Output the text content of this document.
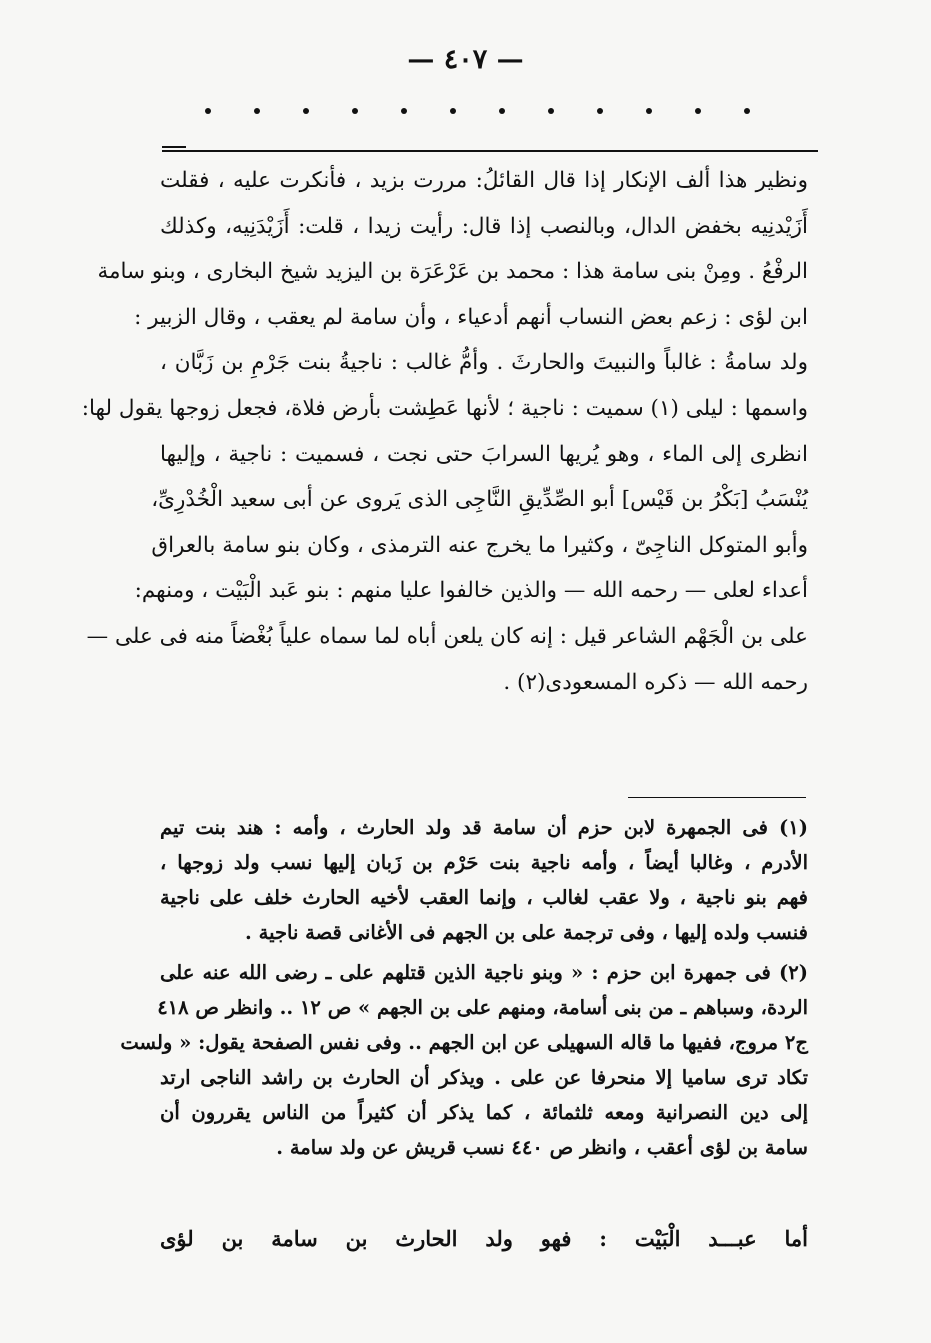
— ٤٠٧ —
ونظير هذا ألف الإنكار إذا قال القائلُ: مررت بزيد ، فأنكرت عليه ، فقلت
أَزَيْدنِيه بخفض الدال، وبالنصب إذا قال: رأيت زيدا ، قلت: أَزَيْدَنِيه، وكذلك
الرفْعُ . ومِنْ بنى سامة هذا : محمد بن عَرْعَرَة بن اليزيد شيخ البخارى ، وبنو سامة
ابن لؤى : زعم بعض النساب أنهم أدعياء ، وأن سامة لم يعقب ، وقال الزبير :
ولد سامةُ : غالباً والنبيتَ والحارثَ . وأمُّ غالب : ناجيةُ بنت جَرْمِ بن زَبَّان ،
واسمها : ليلى (١) سميت : ناجية ؛ لأنها عَطِشت بأرض فلاة، فجعل زوجها يقول لها:
انظرى إلى الماء ، وهو يُريها السرابَ حتى نجت ، فسميت : ناجية ، وإليها
يُنْسَبُ [بَكْرُ بن قَيْس] أبو الصِّدِّيقِ النَّاجِى الذى يَروى عن أبى سعيد الْخُدْرِىِّ،
وأبو المتوكل الناجِىّ ، وكثيرا ما يخرج عنه الترمذى ، وكان بنو سامة بالعراق
أعداء لعلى — رحمه الله — والذين خالفوا عليا منهم : بنو عَبد الْبَيْت ، ومنهم:
على بن الْجَهْم الشاعر قيل : إنه كان يلعن أباه لما سماه علياً بُغْضاً منه فى على —
رحمه الله — ذكره المسعودى(٢) .
(١) فى الجمهرة لابن حزم أن سامة قد ولد الحارث ، وأمه : هند بنت تيم
الأدرم ، وغالبا أيضاً ، وأمه ناجية بنت حَرْم بن زَبان إليها نسب ولد زوجها ،
فهم بنو ناجية ، ولا عقب لغالب ، وإنما العقب لأخيه الحارث خلف على ناجية
فنسب ولده إليها ، وفى ترجمة على بن الجهم فى الأغانى قصة ناجية .
(٢) فى جمهرة ابن حزم : « وبنو ناجية الذين قتلهم على ـ رضى الله عنه على
الردة، وسباهم ـ من بنى أسامة، ومنهم على بن الجهم » ص ١٢ .. وانظر ص ٤١٨
ج٢ مروج، ففيها ما قاله السهيلى عن ابن الجهم .. وفى نفس الصفحة يقول: « ولست
تكاد ترى ساميا إلا منحرفا عن على . ويذكر أن الحارث بن راشد الناجى ارتد
إلى دين النصرانية ومعه ثلثمائة ، كما يذكر أن كثيراً من الناس يقررون أن
سامة بن لؤى أعقب ، وانظر ص ٤٤٠ نسب قريش عن ولد سامة .
أما عبـــد الْبَيْت : فهو ولد الحارث بن سامة بن لؤى
